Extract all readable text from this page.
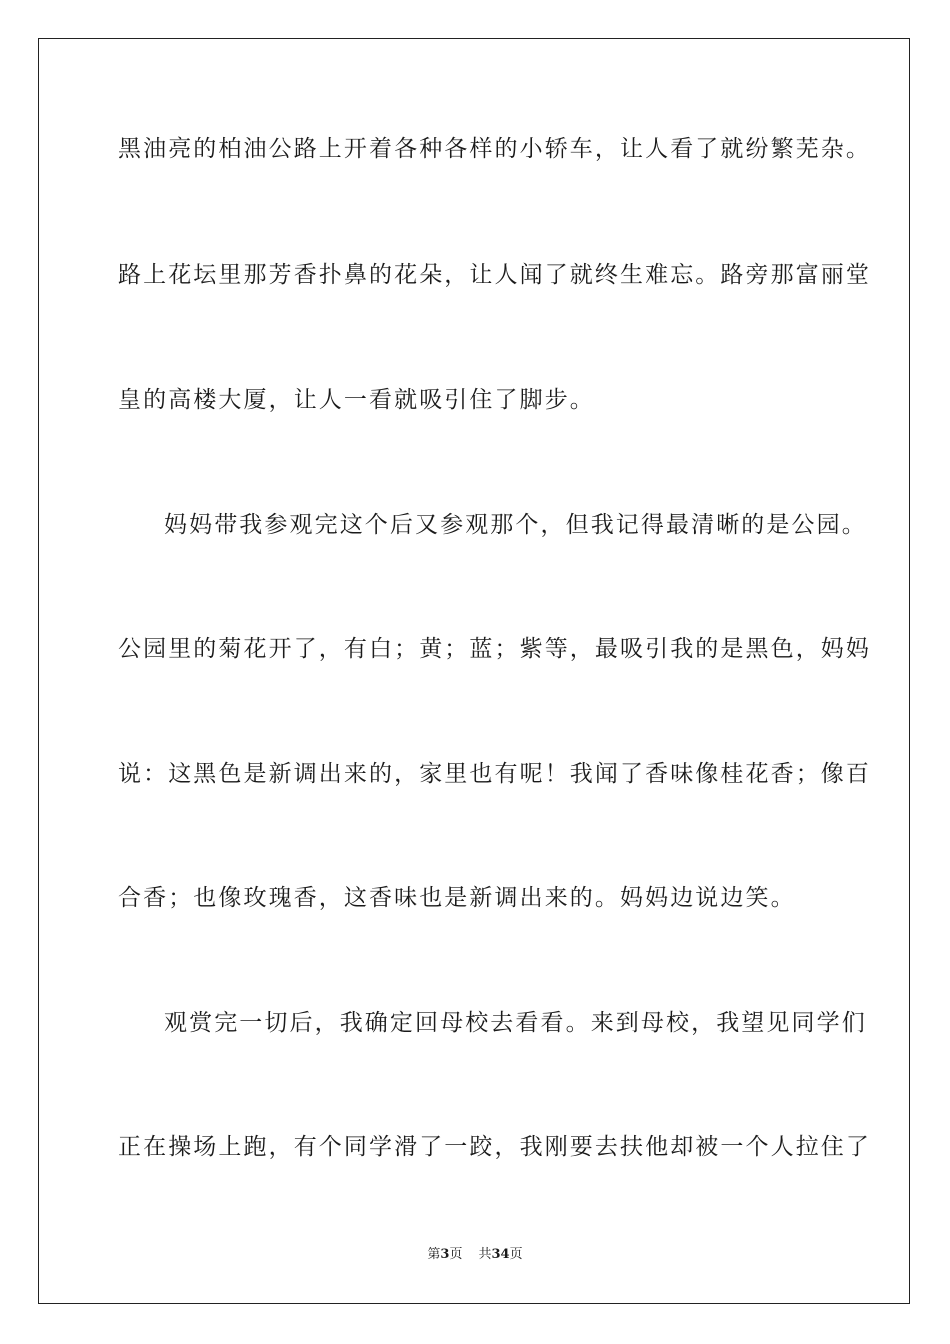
黑油亮的柏油公路上开着各种各样的小轿车，让人看了就纷繁芜杂。
路上花坛里那芳香扑鼻的花朵，让人闻了就终生难忘。路旁那富丽堂
皇的高楼大厦，让人一看就吸引住了脚步。
妈妈带我参观完这个后又参观那个，但我记得最清晰的是公园。
公园里的菊花开了，有白；黄；蓝；紫等，最吸引我的是黑色，妈妈
说：这黑色是新调出来的，家里也有呢！我闻了香味像桂花香；像百
合香；也像玫瑰香，这香味也是新调出来的。妈妈边说边笑。
观赏完一切后，我确定回母校去看看。来到母校，我望见同学们
正在操场上跑，有个同学滑了一跤，我刚要去扶他却被一个人拉住了
第3页 共34页
